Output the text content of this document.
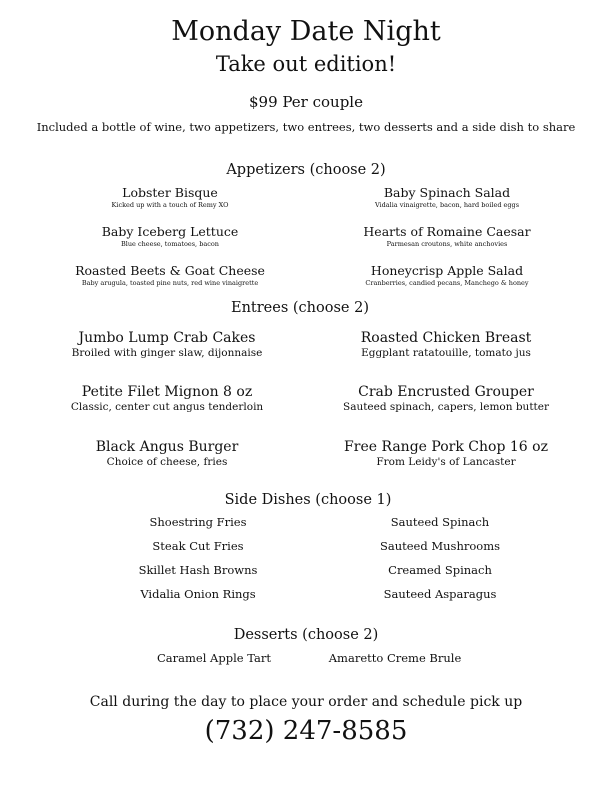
Monday Date Night
Take out edition!
$99 Per couple
Included a bottle of wine, two appetizers, two entrees, two desserts and a side dish to share
Appetizers (choose 2)
Entrees (choose 2)
Side Dishes (choose 1)
Desserts (choose 2)
Call during the day to place your order and schedule pick up
(732) 247-8585
Lobster Bisque
Kicked up with a touch of Remy XO
Baby Spinach Salad
Vidalia vinaigrette, bacon, hard boiled eggs
Baby Iceberg Lettuce
Blue cheese, tomatoes, bacon
Hearts of Romaine Caesar
Parmesan croutons, white anchovies
Roasted Beets & Goat Cheese
Baby arugula, toasted pine nuts, red wine vinaigrette
Honeycrisp Apple Salad
Cranberries, candied pecans, Manchego & honey
Jumbo Lump Crab Cakes
Broiled with ginger slaw, dijonnaise
Roasted Chicken Breast
Eggplant ratatouille, tomato jus
Petite Filet Mignon 8 oz
Classic, center cut angus tenderloin
Crab Encrusted Grouper
Sauteed spinach, capers, lemon butter
Black Angus Burger
Choice of cheese, fries
Free Range Pork Chop 16 oz
From Leidy's of Lancaster
Shoestring Fries	Sauteed Spinach
Steak Cut Fries	Sauteed Mushrooms
Skillet Hash Browns	Creamed Spinach
Vidalia Onion Rings	Sauteed Asparagus
Caramel Apple Tart	Amaretto Creme Brule
